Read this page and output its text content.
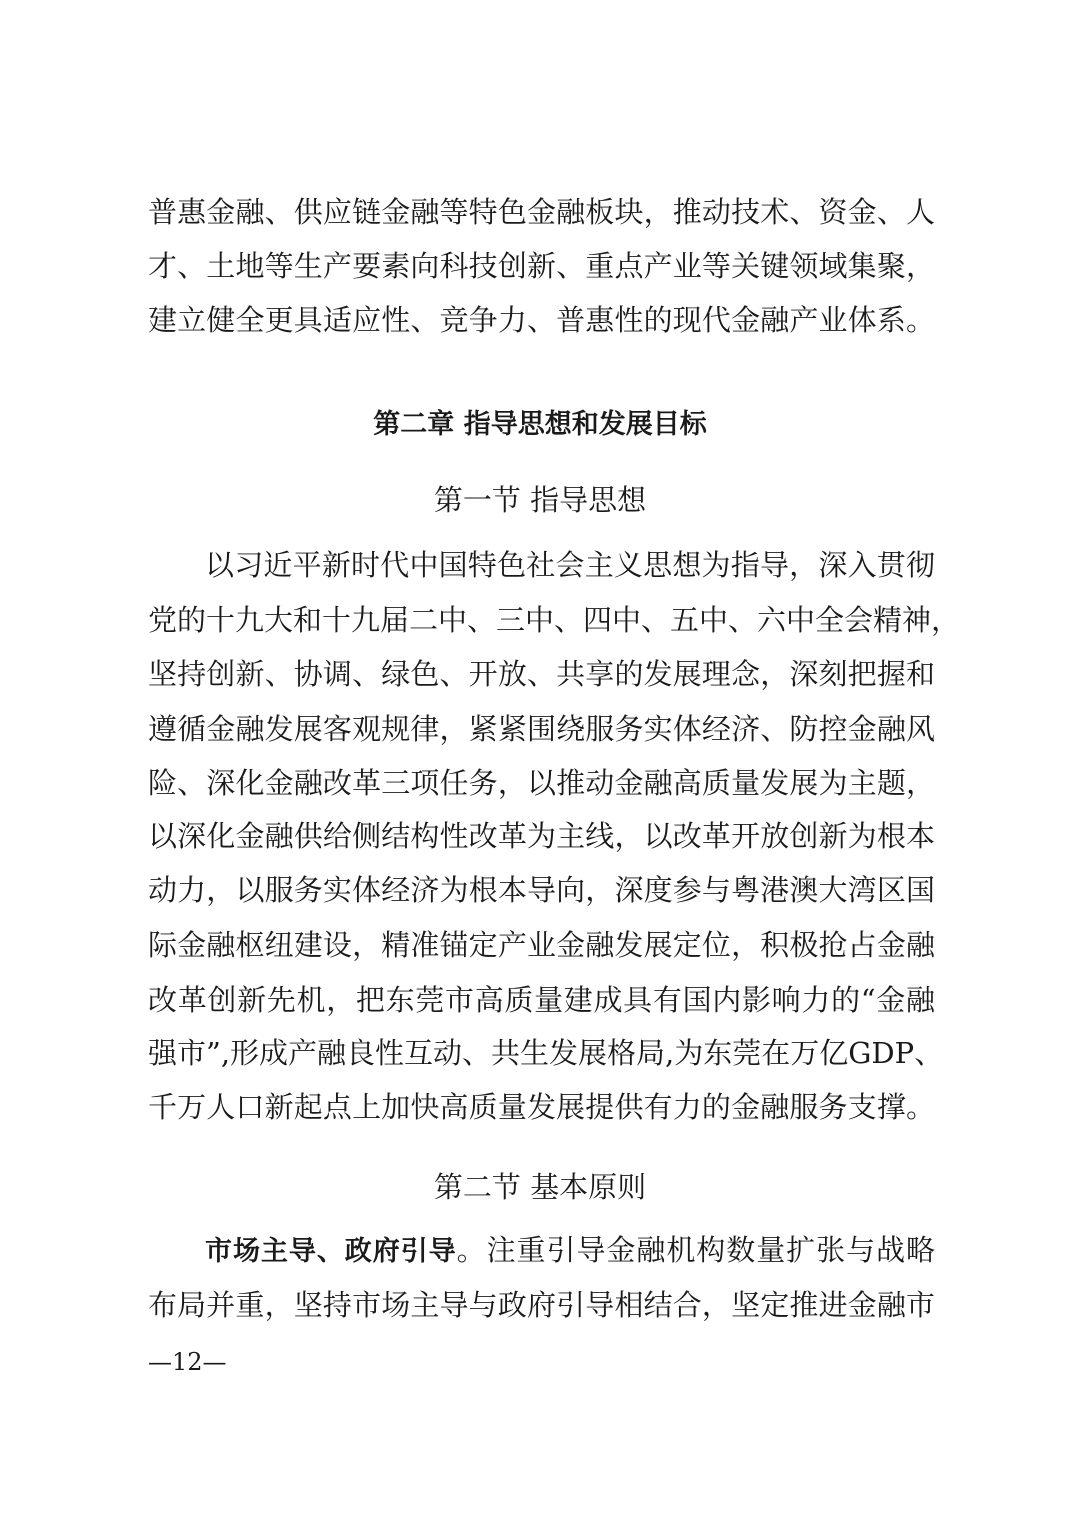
普惠金融、供应链金融等特色金融板块，推动技术、资金、人
才、土地等生产要素向科技创新、重点产业等关键领域集聚，
建立健全更具适应性、竞争力、普惠性的现代金融产业体系。
第二章 指导思想和发展目标
第一节 指导思想
以习近平新时代中国特色社会主义思想为指导，深入贯彻
党的十九大和十九届二中、三中、四中、五中、六中全会精神，
坚持创新、协调、绿色、开放、共享的发展理念，深刻把握和
遵循金融发展客观规律，紧紧围绕服务实体经济、防控金融风
险、深化金融改革三项任务，以推动金融高质量发展为主题，
以深化金融供给侧结构性改革为主线，以改革开放创新为根本
动力，以服务实体经济为根本导向，深度参与粤港澳大湾区国
际金融枢纽建设，精准锚定产业金融发展定位，积极抢占金融
改革创新先机，把东莞市高质量建成具有国内影响力的“金融
强市”,形成产融良性互动、共生发展格局,为东莞在万亿GDP、
千万人口新起点上加快高质量发展提供有力的金融服务支撑。
第二节 基本原则
市场主导、政府引导。注重引导金融机构数量扩张与战略
布局并重，坚持市场主导与政府引导相结合，坚定推进金融市
—12—
